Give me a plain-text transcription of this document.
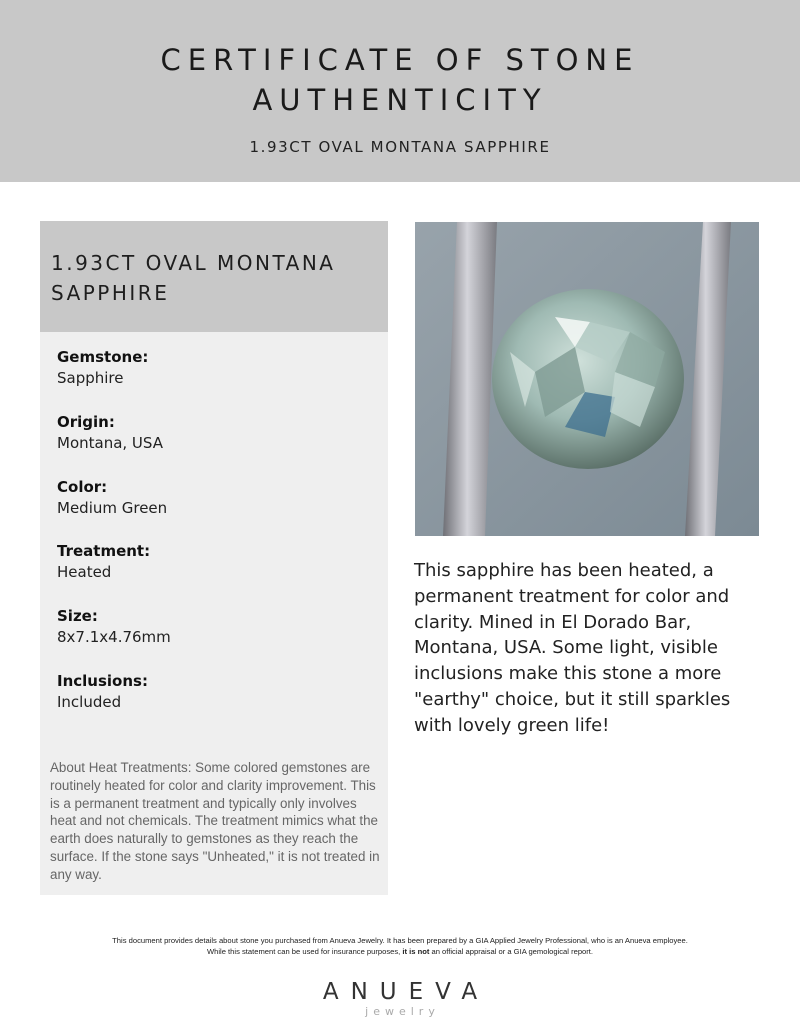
CERTIFICATE OF STONE
AUTHENTICITY
1.93CT OVAL MONTANA SAPPHIRE
1.93CT OVAL MONTANA
SAPPHIRE
Gemstone:
Sapphire
Origin:
Montana, USA
Color:
Medium Green
Treatment:
Heated
Size:
8x7.1x4.76mm
Inclusions:
Included
About Heat Treatments: Some colored gemstones are routinely heated for color and clarity improvement. This is a permanent treatment and typically only involves heat and not chemicals. The treatment mimics what the earth does naturally to gemstones as they reach the surface. If the stone says "Unheated," it is not treated in any way.
This sapphire has been heated, a permanent treatment for color and clarity. Mined in El Dorado Bar, Montana, USA. Some light, visible inclusions make this stone a more "earthy" choice, but it still sparkles with lovely green life!
This document provides details about stone you purchased from Anueva Jewelry. It has been prepared by a GIA Applied Jewelry Professional, who is an Anueva employee.
While this statement can be used for insurance purposes, it is not an official appraisal or a GIA gemological report.
ANUEVA
jewelry
